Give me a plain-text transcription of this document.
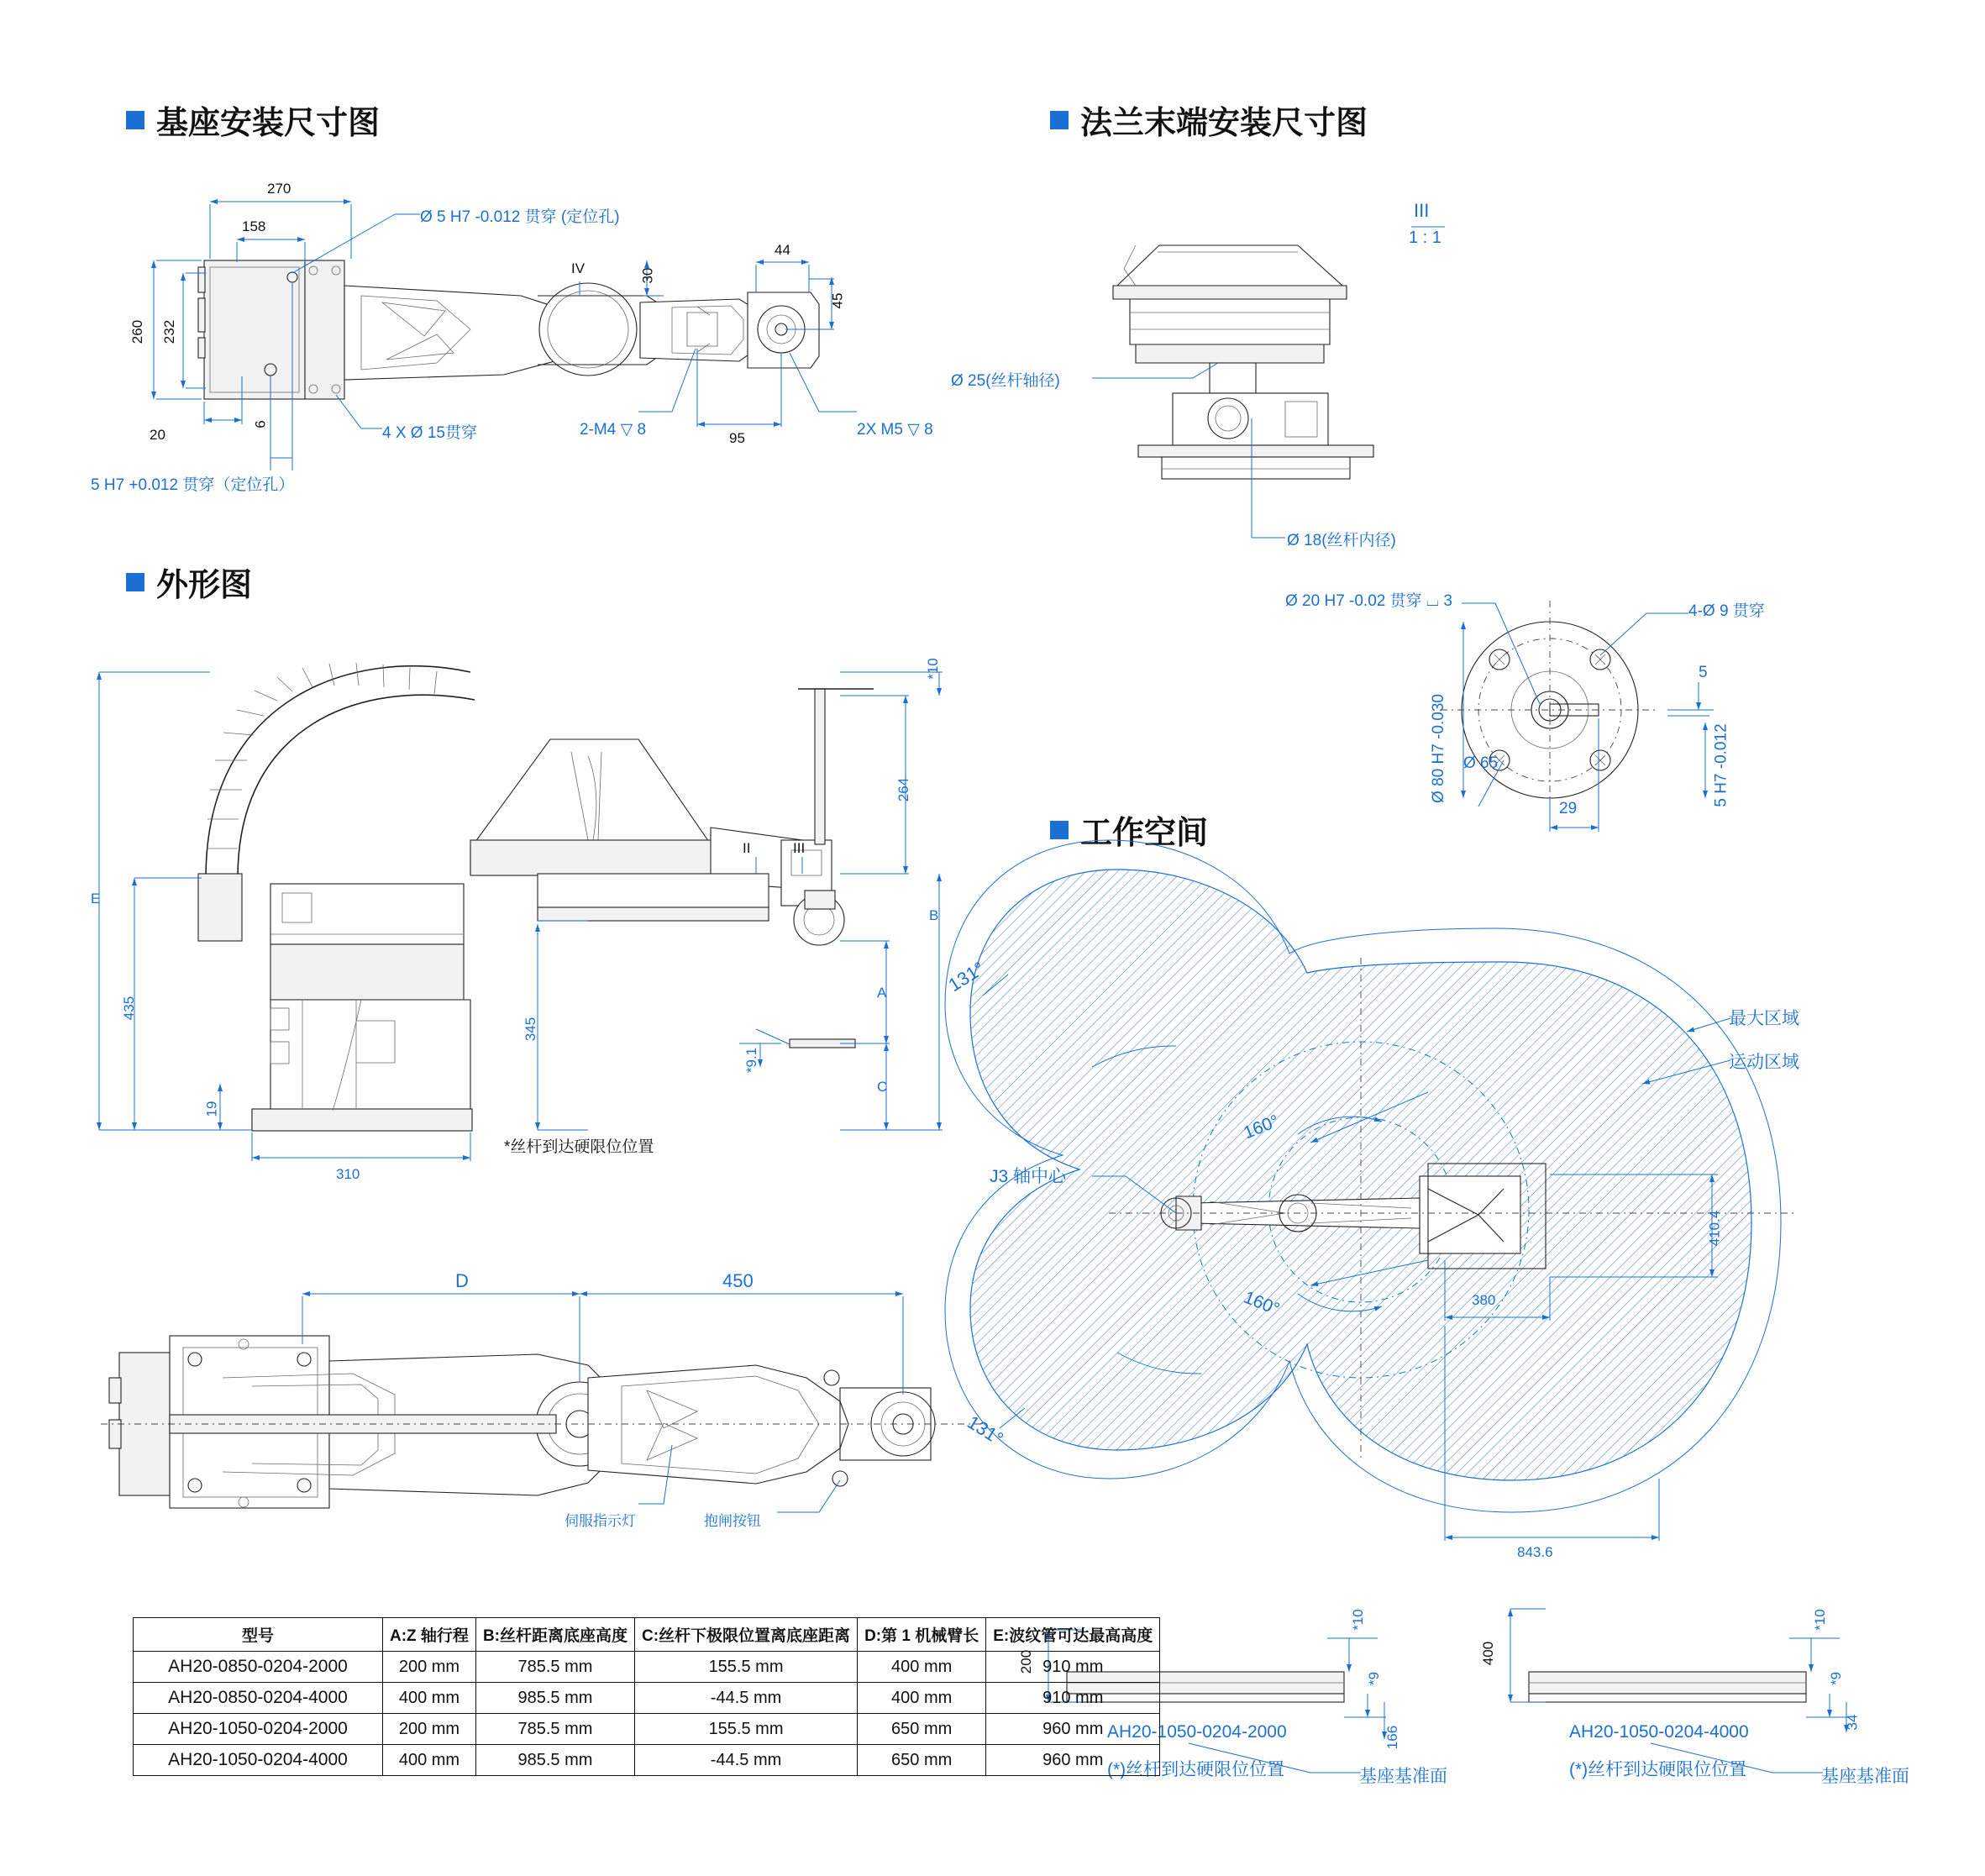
基座安装尺寸图	法兰末端安装尺寸图
外形图
工作空间
270
158
260 232
20
6
30
44
45
95
Ø 5 H7 -0.012 贯穿 (定位孔)
5 H7 +0.012 贯穿（定位孔）
4 X Ø 15贯穿	2-M4 ▽ 8	2X M5 ▽ 8
IV
III
1 : 1
Ø 25(丝杆轴径)
Ø 18(丝杆内径)
Ø 20 H7 -0.02 贯穿 ⌴ 3
4-Ø 9 贯穿
Ø 80 H7 -0.030 Ø 65	5 H7 -0.012
5
29
*10
264
435
345
19
310
*9.1
E
B
A
C
II	III
*丝杆到达硬限位位置
D	450
伺服指示灯	抱闸按钮
131°
131°
160°
160°
410.4
380
843.6
最大区域
运动区域
J3 轴中心
200
*10
*9
166
AH20-1050-0204-2000
(*)丝杆到达硬限位位置	基座基准面
400
*10
*9
34
AH20-1050-0204-4000
(*)丝杆到达硬限位位置	基座基准面
型号	A:Z 轴行程	B:丝杆距离底座高度	C:丝杆下极限位置离底座距离	D:第 1 机械臂长	E:波纹管可达最高高度
AH20-0850-0204-2000	200 mm	785.5 mm	155.5 mm	400 mm	910 mm
AH20-0850-0204-4000	400 mm	985.5 mm	-44.5 mm	400 mm	910 mm
AH20-1050-0204-2000	200 mm	785.5 mm	155.5 mm	650 mm	960 mm
AH20-1050-0204-4000	400 mm	985.5 mm	-44.5 mm	650 mm	960 mm
